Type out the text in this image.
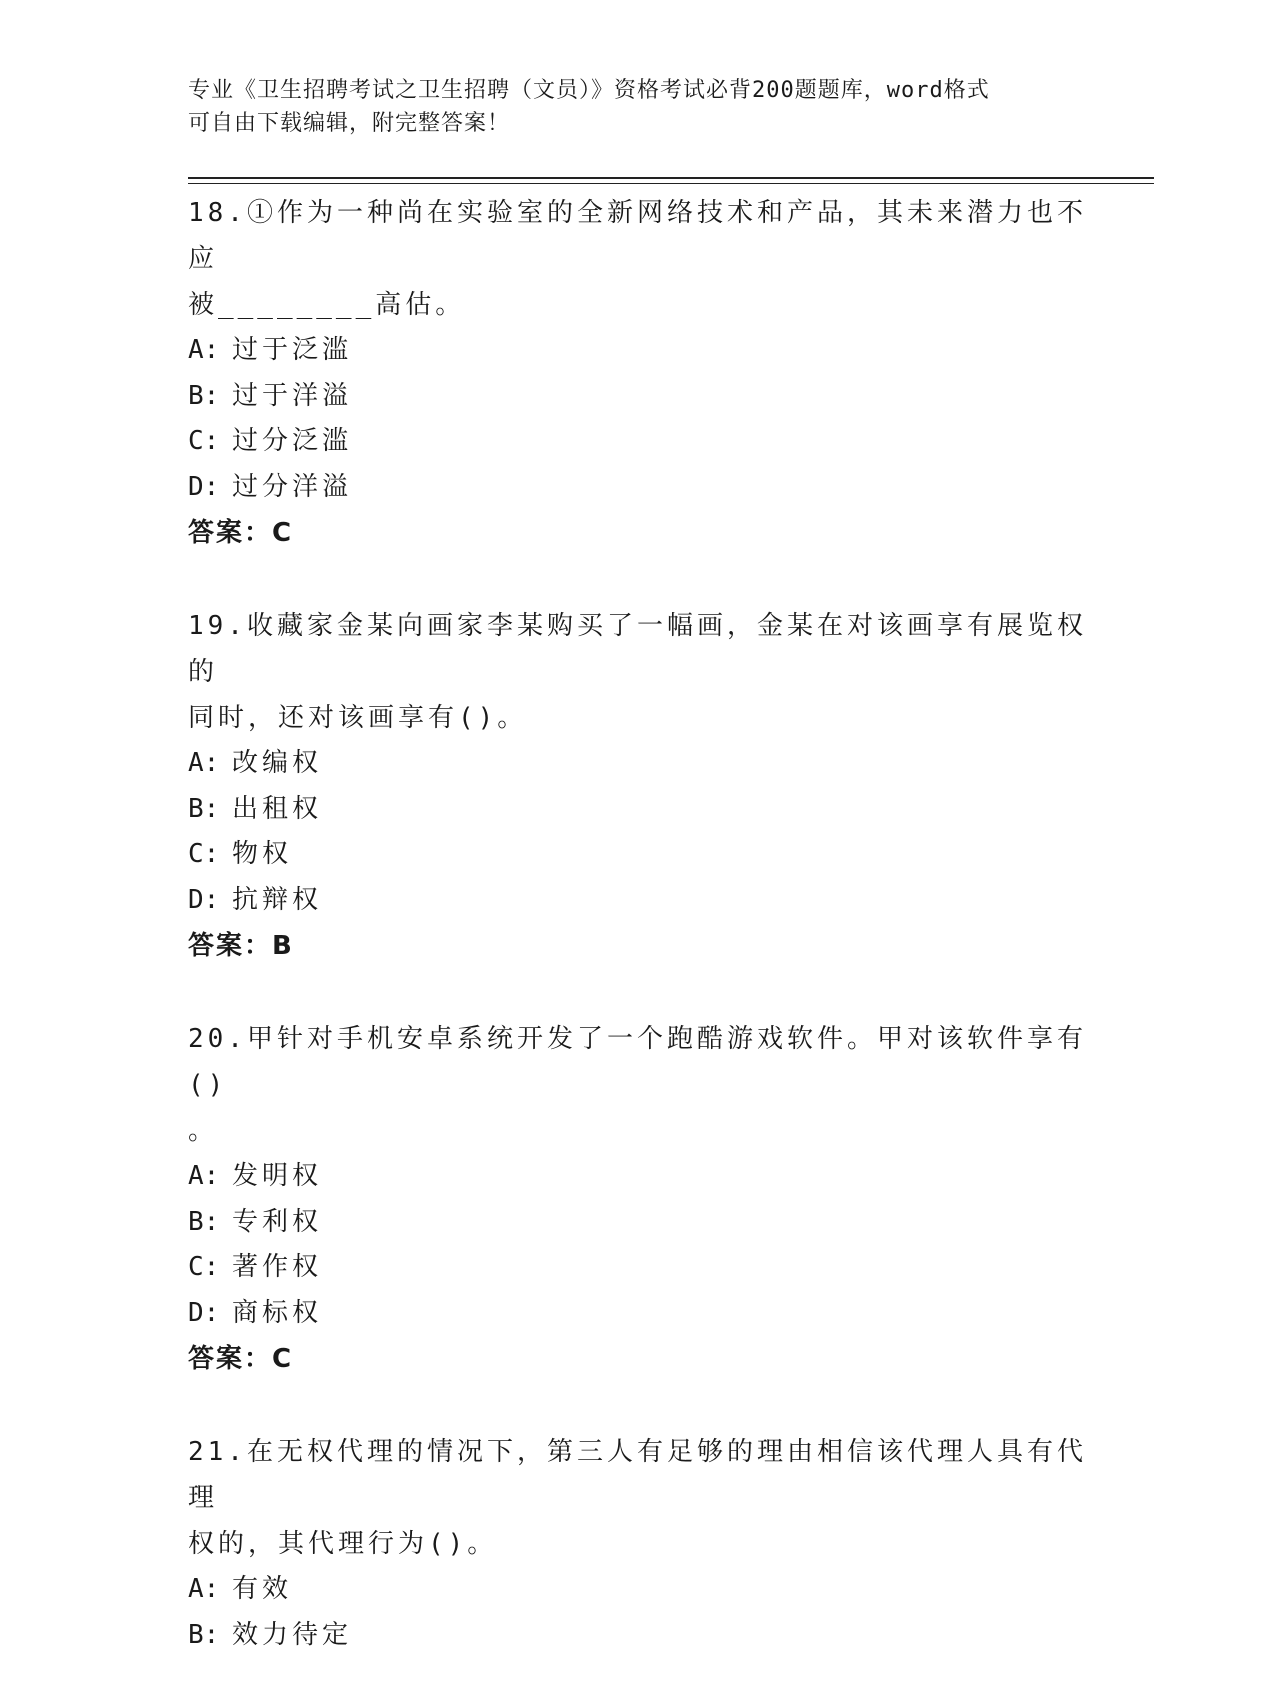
专业《卫生招聘考试之卫生招聘（文员）》资格考试必背200题题库，word格式
可自由下载编辑，附完整答案！
18.①作为一种尚在实验室的全新网络技术和产品，其未来潜力也不应
被________高估。
A: 过于泛滥
B: 过于洋溢
C: 过分泛滥
D: 过分洋溢
答案：C
19.收藏家金某向画家李某购买了一幅画，金某在对该画享有展览权的
同时，还对该画享有()。
A: 改编权
B: 出租权
C: 物权
D: 抗辩权
答案：B
20.甲针对手机安卓系统开发了一个跑酷游戏软件。甲对该软件享有()
。
A: 发明权
B: 专利权
C: 著作权
D: 商标权
答案：C
21.在无权代理的情况下，第三人有足够的理由相信该代理人具有代理
权的，其代理行为()。
A: 有效
B: 效力待定
